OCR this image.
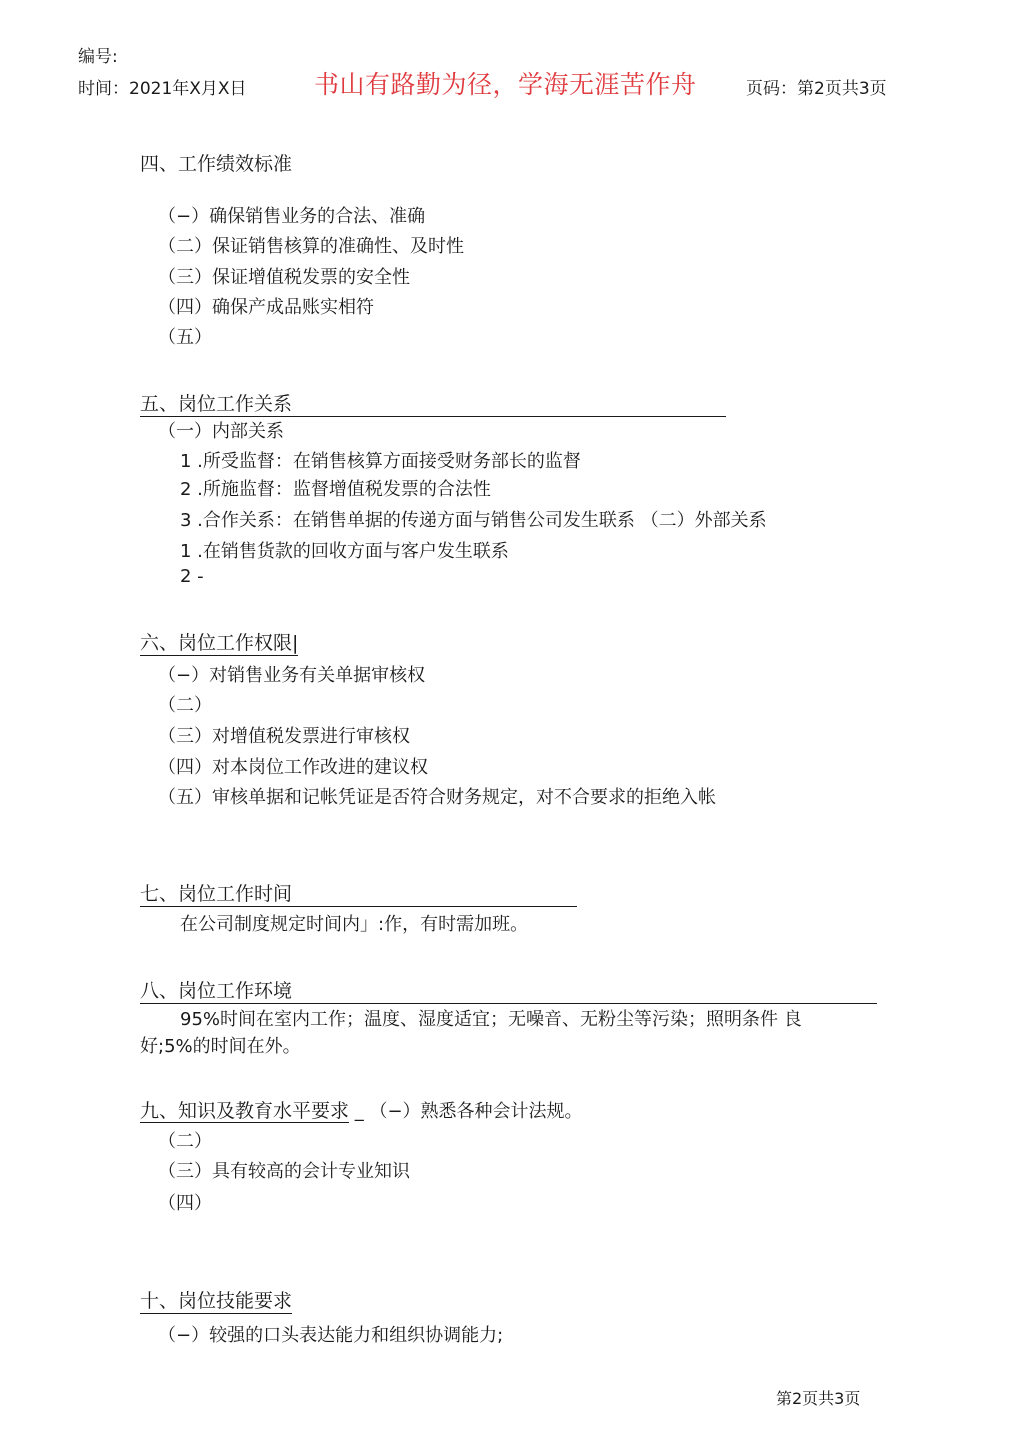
编号:
时间：2021年X月X日	书山有路勤为径，学海无涯苦作舟	页码：第2页共3页
四、工作绩效标准
（−）确保销售业务的合法、准确
（二）保证销售核算的准确性、及时性
（三）保证增值税发票的安全性
（四）确保产成品账实相符
（五）
五、岗位工作关系
（一）内部关系
1 .所受监督：在销售核算方面接受财务部长的监督
2 .所施监督：监督增值税发票的合法性
3 .合作关系：在销售单据的传递方面与销售公司发生联系 （二）外部关系
1 .在销售货款的回收方面与客户发生联系
2 -
六、岗位工作权限|
（−）对销售业务有关单据审核权
（二）
（三）对增值税发票进行审核权
（四）对本岗位工作改进的建议权
（五）审核单据和记帐凭证是否符合财务规定，对不合要求的拒绝入帐
七、岗位工作时间
在公司制度规定时间内」:作，有时需加班。
八、岗位工作环境
95%时间在室内工作；温度、湿度适宜；无噪音、无粉尘等污染；照明条件 良
好;5%的时间在外。
九、知识及教育水平要求 _ （−）熟悉各种会计法规。
（二）
（三）具有较高的会计专业知识
（四）
十、岗位技能要求
（−）较强的口头表达能力和组织协调能力;
第2页共3页
